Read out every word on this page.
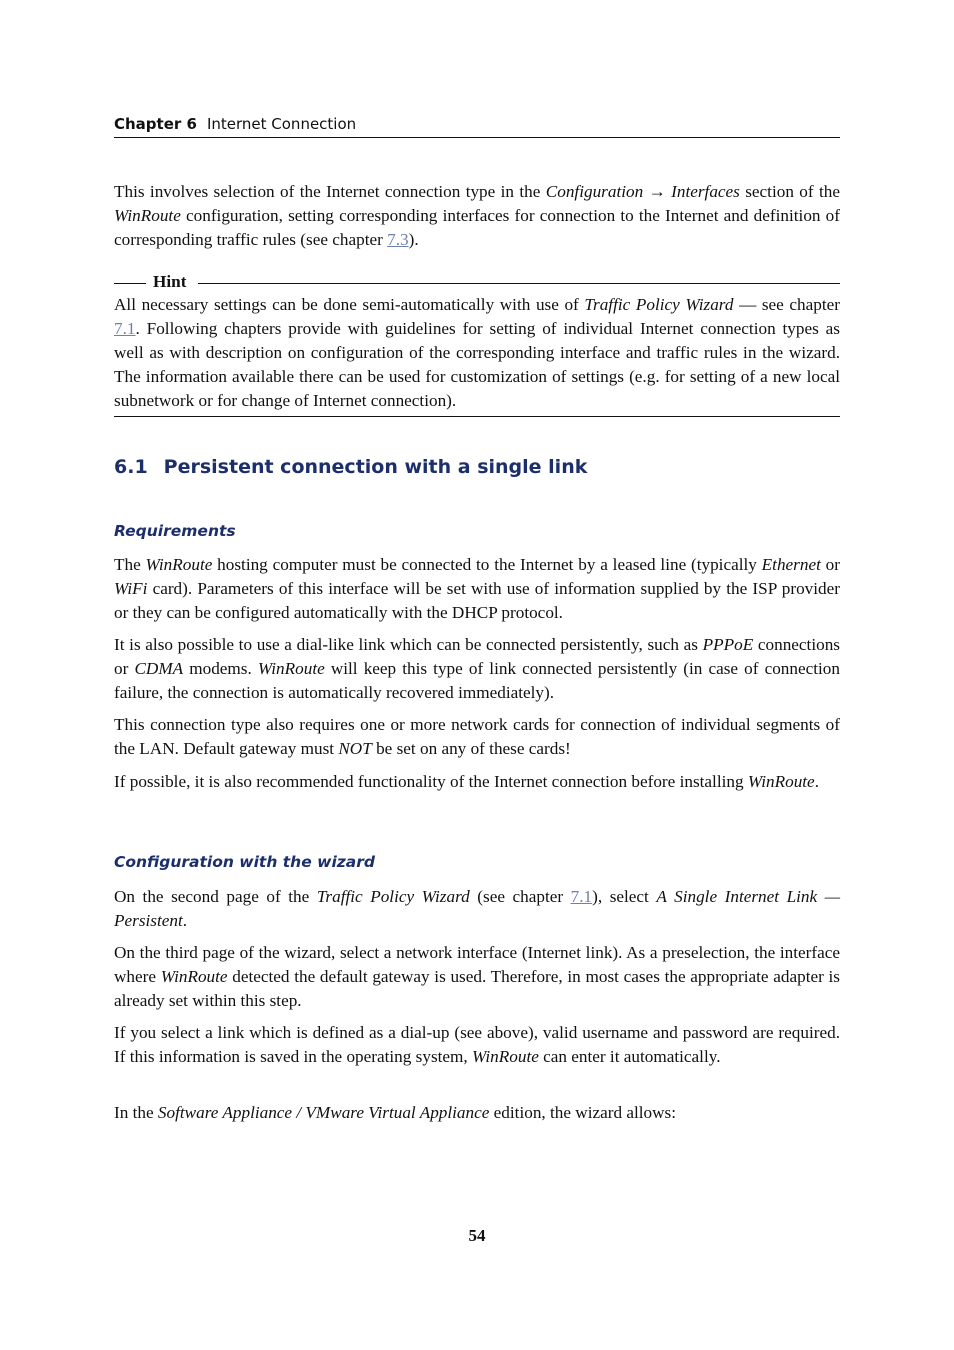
Chapter 6 Internet Connection

This involves selection of the Internet connection type in the Configuration → Interfaces section of the WinRoute configuration, setting corresponding interfaces for connection to the Internet and definition of corresponding traffic rules (see chapter 7.3).

Hint

All necessary settings can be done semi-automatically with use of Traffic Policy Wizard — see chapter 7.1. Following chapters provide with guidelines for setting of individual Internet connection types as well as with description on configuration of the corresponding interface and traffic rules in the wizard. The information available there can be used for customization of settings (e.g. for setting of a new local subnetwork or for change of Internet connection).

6.1 Persistent connection with a single link
Requirements

The WinRoute hosting computer must be connected to the Internet by a leased line (typically Ethernet or WiFi card). Parameters of this interface will be set with use of information supplied by the ISP provider or they can be configured automatically with the DHCP protocol.

It is also possible to use a dial-like link which can be connected persistently, such as PPPoE connections or CDMA modems. WinRoute will keep this type of link connected persistently (in case of connection failure, the connection is automatically recovered immediately).

This connection type also requires one or more network cards for connection of individual segments of the LAN. Default gateway must NOT be set on any of these cards!

If possible, it is also recommended functionality of the Internet connection before installing WinRoute.

Configuration with the wizard

On the second page of the Traffic Policy Wizard (see chapter 7.1), select A Single Internet Link — Persistent.

On the third page of the wizard, select a network interface (Internet link). As a preselection, the interface where WinRoute detected the default gateway is used. Therefore, in most cases the appropriate adapter is already set within this step.

If you select a link which is defined as a dial-up (see above), valid username and password are required. If this information is saved in the operating system, WinRoute can enter it automatically.

In the Software Appliance / VMware Virtual Appliance edition, the wizard allows:

54
